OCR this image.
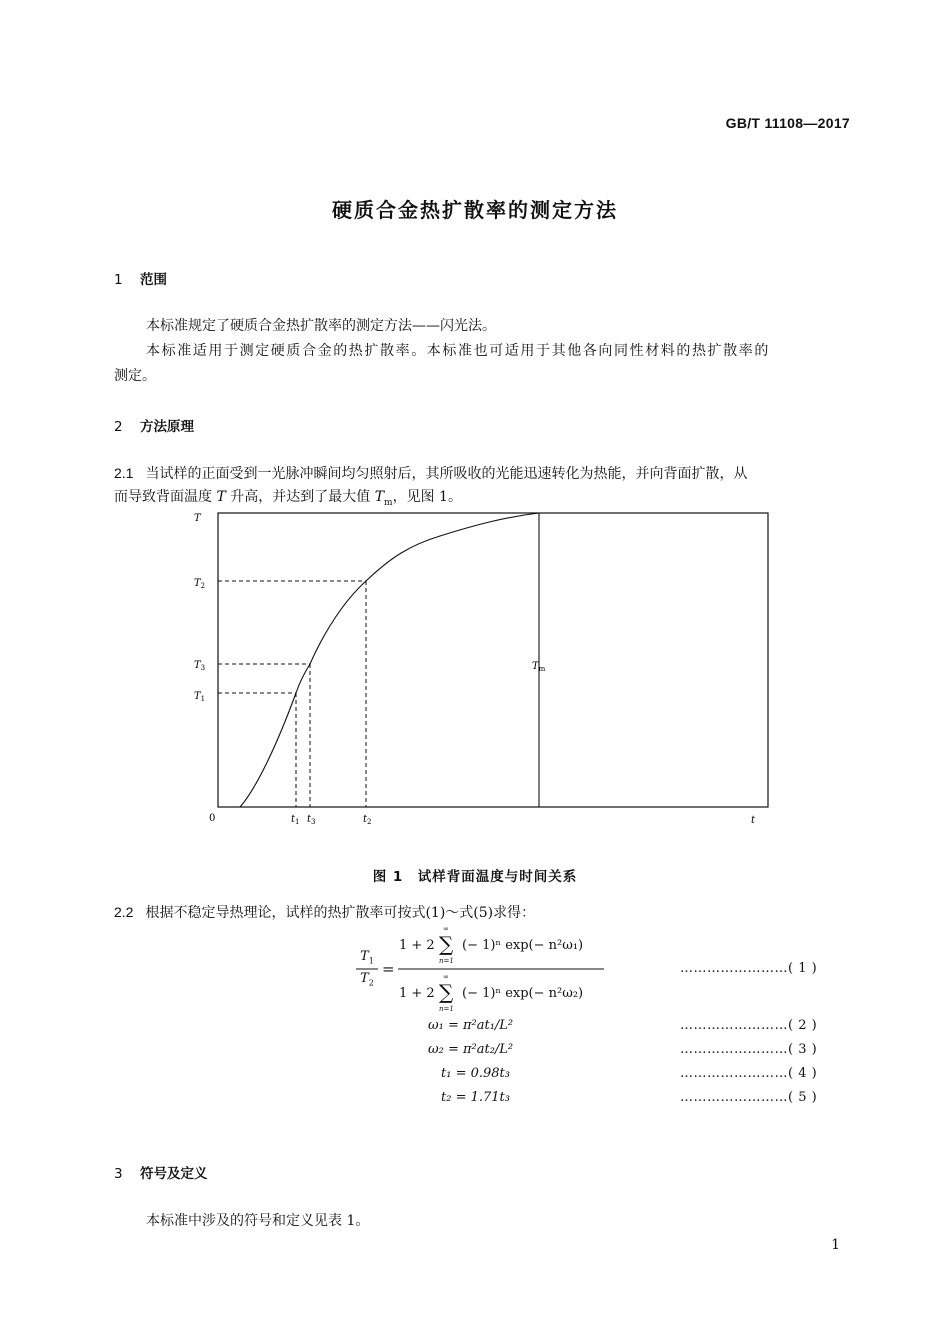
GB/T 11108—2017
硬质合金热扩散率的测定方法
1 范围
本标准规定了硬质合金热扩散率的测定方法——闪光法。
本标准适用于测定硬质合金的热扩散率。本标准也可适用于其他各向同性材料的热扩散率的
测定。
2 方法原理
2.1 当试样的正面受到一光脉冲瞬间均匀照射后，其所吸收的光能迅速转化为热能，并向背面扩散，从
而导致背面温度 T 升高，并达到了最大值 $T_m$，见图 1。
T
t
0
$T_2$
$T_3$
$T_1$
$t_1$ $t_3$	$t_2$
$T_m$
图 1　试样背面温度与时间关系
2.2 根据不稳定导热理论，试样的热扩散率可按式(1)～式(5)求得：
$T_1$
$T_2$
=
1 + 2
∞
∑
n=1
(− 1)ⁿ exp(− n²ω₁)
1 + 2
∞
∑
n=1
(− 1)ⁿ exp(− n²ω₂)
……………………( 1 )
ω₁ = π²at₁/L²	……………………( 2 )
ω₂ = π²at₂/L²	……………………( 3 )
t₁ = 0.98t₃	……………………( 4 )
t₂ = 1.71t₃	……………………( 5 )
3 符号及定义
本标准中涉及的符号和定义见表 1。
1
